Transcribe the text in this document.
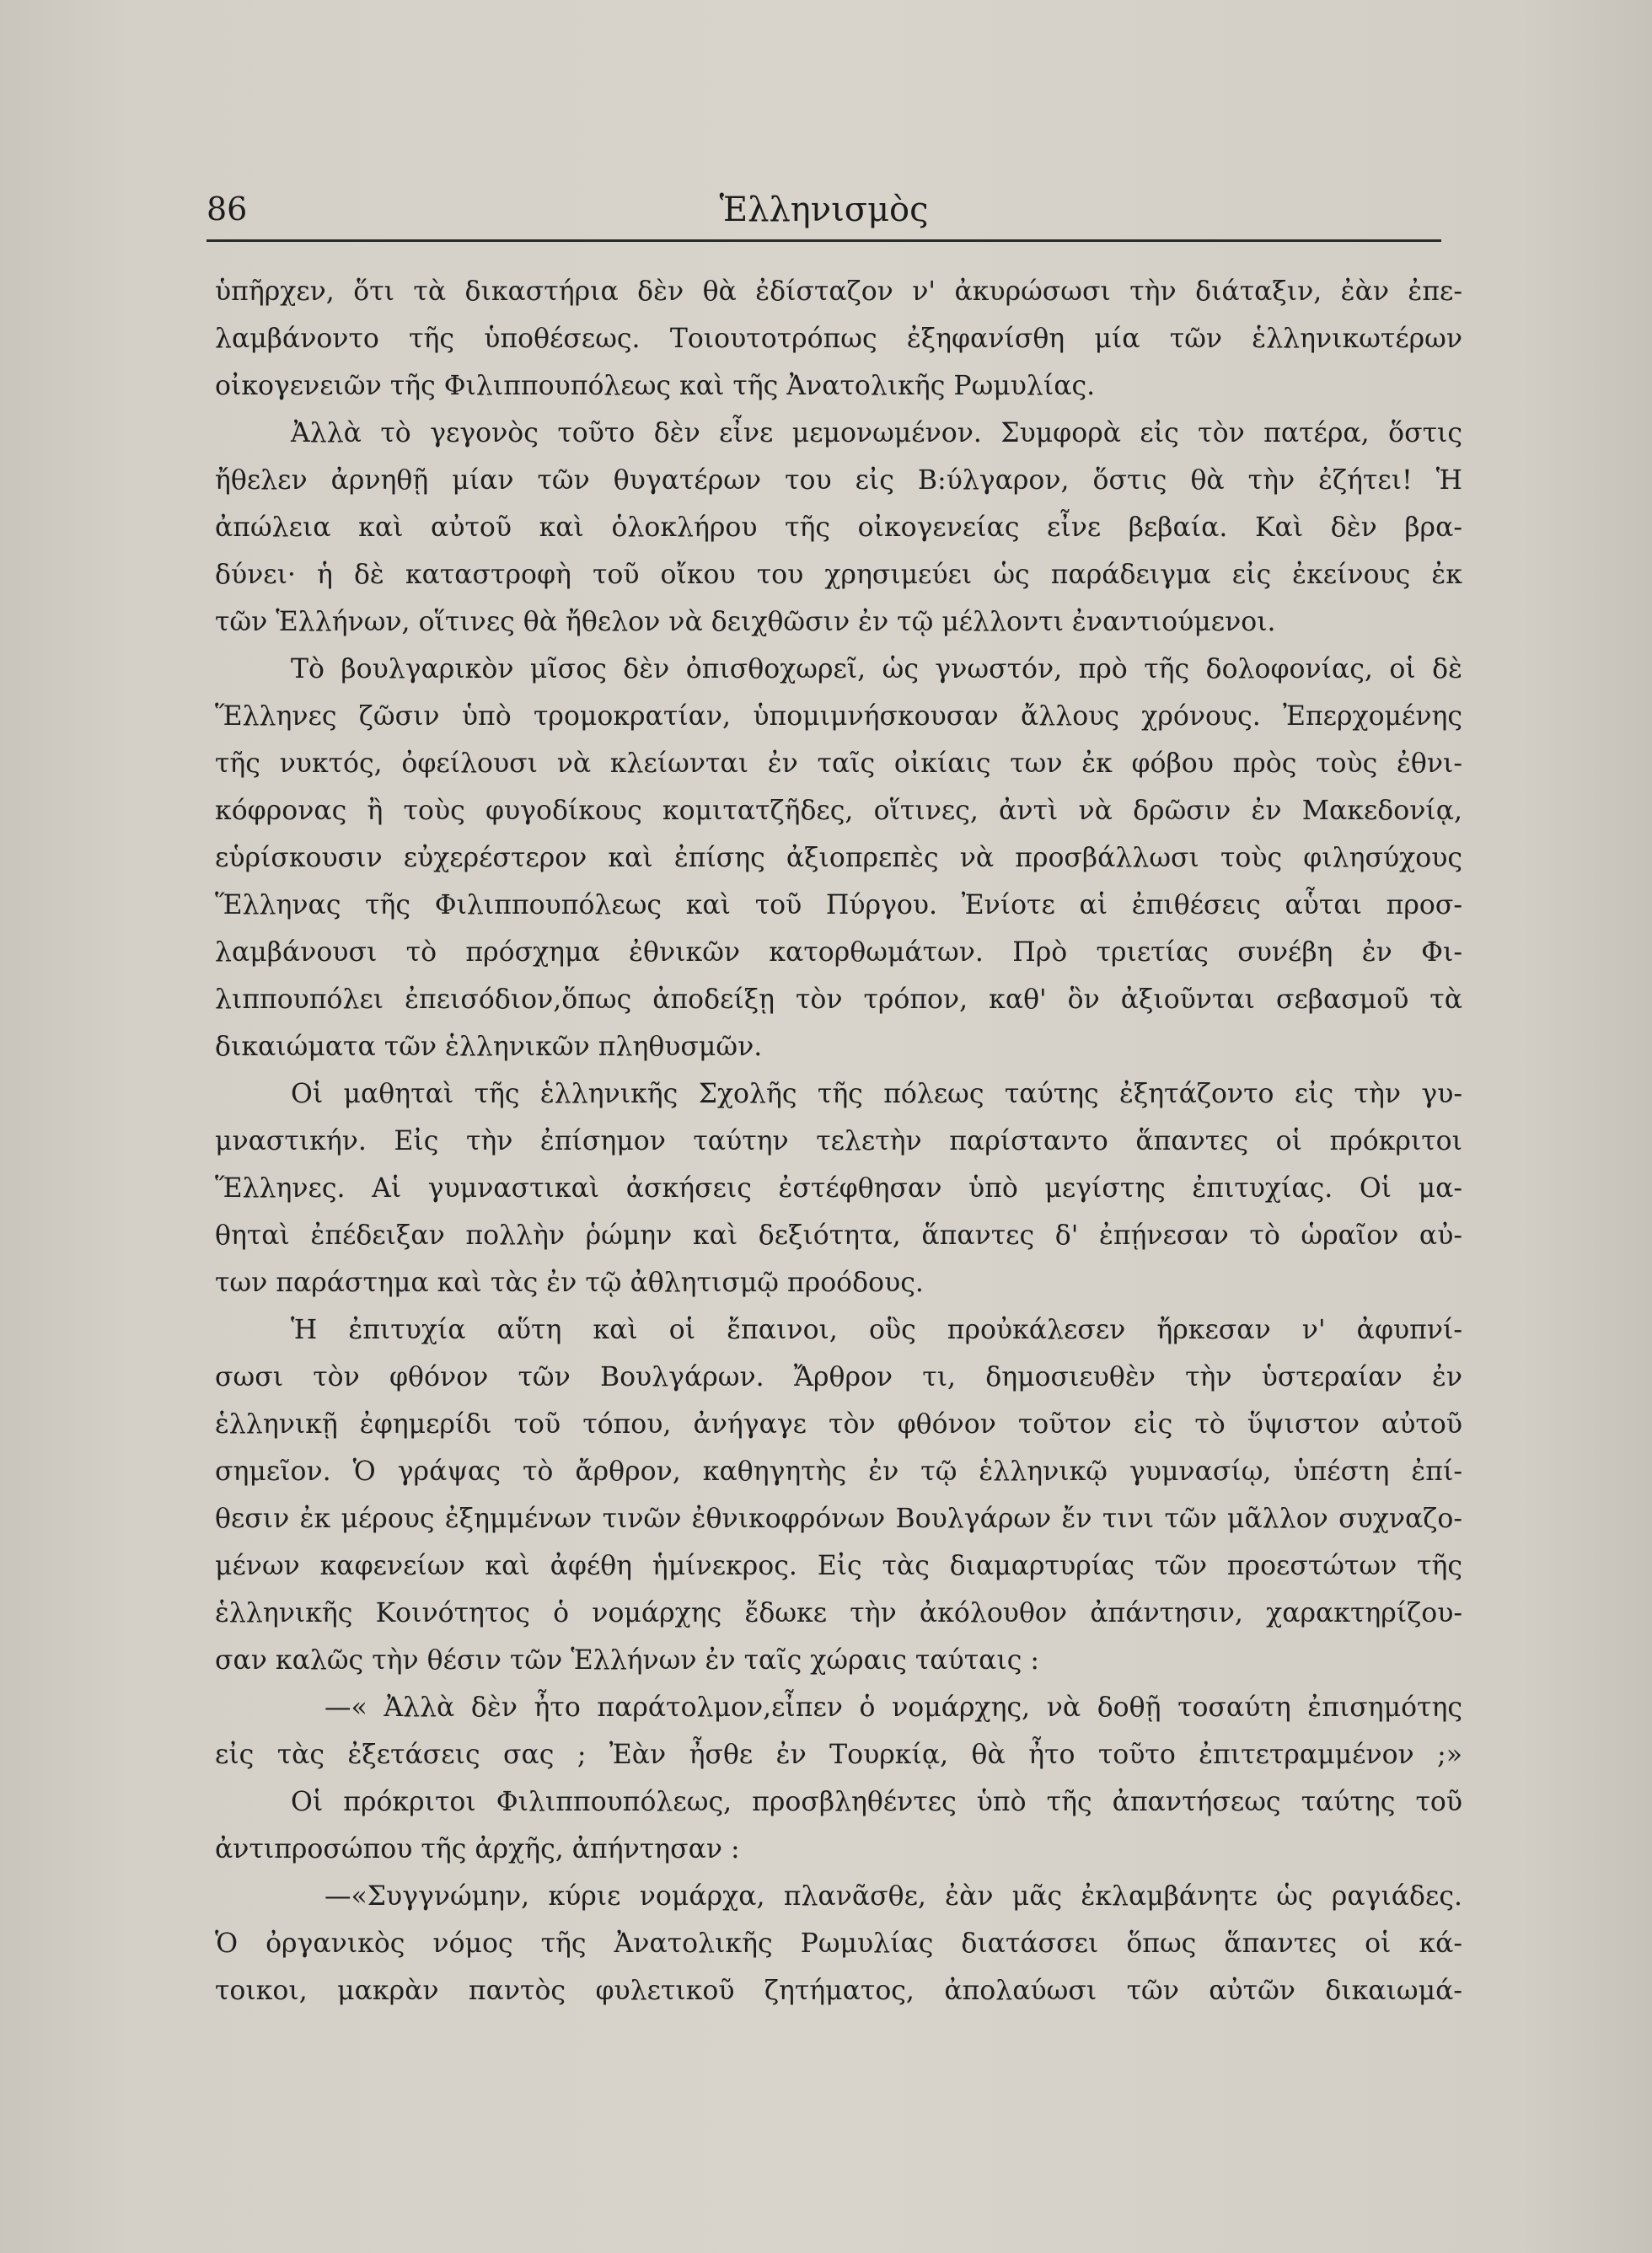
86	Ἑλληνισμὸς
ὑπῆρχεν, ὅτι τὰ δικαστήρια δὲν θὰ ἐδίσταζον ν' ἀκυρώσωσι τὴν διάταξιν, ἐὰν ἐπε-
λαμβάνοντο τῆς ὑποθέσεως. Τοιουτοτρόπως ἐξηφανίσθη μία τῶν ἑλληνικωτέρων
οἰκογενειῶν τῆς Φιλιππουπόλεως καὶ τῆς Ἀνατολικῆς Ρωμυλίας.
Ἀλλὰ τὸ γεγονὸς τοῦτο δὲν εἶνε μεμονωμένον. Συμφορὰ εἰς τὸν πατέρα, ὅστις
ἤθελεν ἀρνηθῇ μίαν τῶν θυγατέρων του εἰς Β:ύλγαρον, ὅστις θὰ τὴν ἐζήτει! Ἡ
ἀπώλεια καὶ αὐτοῦ καὶ ὁλοκλήρου τῆς οἰκογενείας εἶνε βεβαία. Καὶ δὲν βρα-
δύνει· ἡ δὲ καταστροφὴ τοῦ οἴκου του χρησιμεύει ὡς παράδειγμα εἰς ἐκείνους ἐκ
τῶν Ἑλλήνων, οἵτινες θὰ ἤθελον νὰ δειχθῶσιν ἐν τῷ μέλλοντι ἐναντιούμενοι.
Τὸ βουλγαρικὸν μῖσος δὲν ὀπισθοχωρεῖ, ὡς γνωστόν, πρὸ τῆς δολοφονίας, οἱ δὲ
Ἕλληνες ζῶσιν ὑπὸ τρομοκρατίαν, ὑπομιμνήσκουσαν ἄλλους χρόνους. Ἐπερχομένης
τῆς νυκτός, ὀφείλουσι νὰ κλείωνται ἐν ταῖς οἰκίαις των ἐκ φόβου πρὸς τοὺς ἐθνι-
κόφρονας ἢ τοὺς φυγοδίκους κομιτατζῆδες, οἵτινες, ἀντὶ νὰ δρῶσιν ἐν Μακεδονίᾳ,
εὑρίσκουσιν εὐχερέστερον καὶ ἐπίσης ἀξιοπρεπὲς νὰ προσβάλλωσι τοὺς φιλησύχους
Ἕλληνας τῆς Φιλιππουπόλεως καὶ τοῦ Πύργου. Ἐνίοτε αἱ ἐπιθέσεις αὗται προσ-
λαμβάνουσι τὸ πρόσχημα ἐθνικῶν κατορθωμάτων. Πρὸ τριετίας συνέβη ἐν Φι-
λιππουπόλει ἐπεισόδιον,ὅπως ἀποδείξῃ τὸν τρόπον, καθ' ὃν ἀξιοῦνται σεβασμοῦ τὰ
δικαιώματα τῶν ἑλληνικῶν πληθυσμῶν.
Οἱ μαθηταὶ τῆς ἑλληνικῆς Σχολῆς τῆς πόλεως ταύτης ἐξητάζοντο εἰς τὴν γυ-
μναστικήν. Εἰς τὴν ἐπίσημον ταύτην τελετὴν παρίσταντο ἅπαντες οἱ πρόκριτοι
Ἕλληνες. Αἱ γυμναστικαὶ ἀσκήσεις ἐστέφθησαν ὑπὸ μεγίστης ἐπιτυχίας. Οἱ μα-
θηταὶ ἐπέδειξαν πολλὴν ῥώμην καὶ δεξιότητα, ἅπαντες δ' ἐπῄνεσαν τὸ ὡραῖον αὐ-
των παράστημα καὶ τὰς ἐν τῷ ἀθλητισμῷ προόδους.
Ἡ ἐπιτυχία αὕτη καὶ οἱ ἔπαινοι, οὓς προὐκάλεσεν ἤρκεσαν ν' ἀφυπνί-
σωσι τὸν φθόνον τῶν Βουλγάρων. Ἄρθρον τι, δημοσιευθὲν τὴν ὑστεραίαν ἐν
ἑλληνικῇ ἐφημερίδι τοῦ τόπου, ἀνήγαγε τὸν φθόνον τοῦτον εἰς τὸ ὕψιστον αὐτοῦ
σημεῖον. Ὁ γράψας τὸ ἄρθρον, καθηγητὴς ἐν τῷ ἑλληνικῷ γυμνασίῳ, ὑπέστη ἐπί-
θεσιν ἐκ μέρους ἐξημμένων τινῶν ἐθνικοφρόνων Βουλγάρων ἔν τινι τῶν μᾶλλον συχναζο-
μένων καφενείων καὶ ἀφέθη ἡμίνεκρος. Εἰς τὰς διαμαρτυρίας τῶν προεστώτων τῆς
ἑλληνικῆς Κοινότητος ὁ νομάρχης ἔδωκε τὴν ἀκόλουθον ἀπάντησιν, χαρακτηρίζου-
σαν καλῶς τὴν θέσιν τῶν Ἑλλήνων ἐν ταῖς χώραις ταύταις :
—« Ἀλλὰ δὲν ἦτο παράτολμον,εἶπεν ὁ νομάρχης, νὰ δοθῇ τοσαύτη ἐπισημότης
εἰς τὰς ἐξετάσεις σας ; Ἐὰν ἦσθε ἐν Τουρκίᾳ, θὰ ἦτο τοῦτο ἐπιτετραμμένον ;»
Οἱ πρόκριτοι Φιλιππουπόλεως, προσβληθέντες ὑπὸ τῆς ἀπαντήσεως ταύτης τοῦ
ἀντιπροσώπου τῆς ἀρχῆς, ἀπήντησαν :
—«Συγγνώμην, κύριε νομάρχα, πλανᾶσθε, ἐὰν μᾶς ἐκλαμβάνητε ὡς ραγιάδες.
Ὁ ὀργανικὸς νόμος τῆς Ἀνατολικῆς Ρωμυλίας διατάσσει ὅπως ἅπαντες οἱ κά-
τοικοι, μακρὰν παντὸς φυλετικοῦ ζητήματος, ἀπολαύωσι τῶν αὐτῶν δικαιωμά-
